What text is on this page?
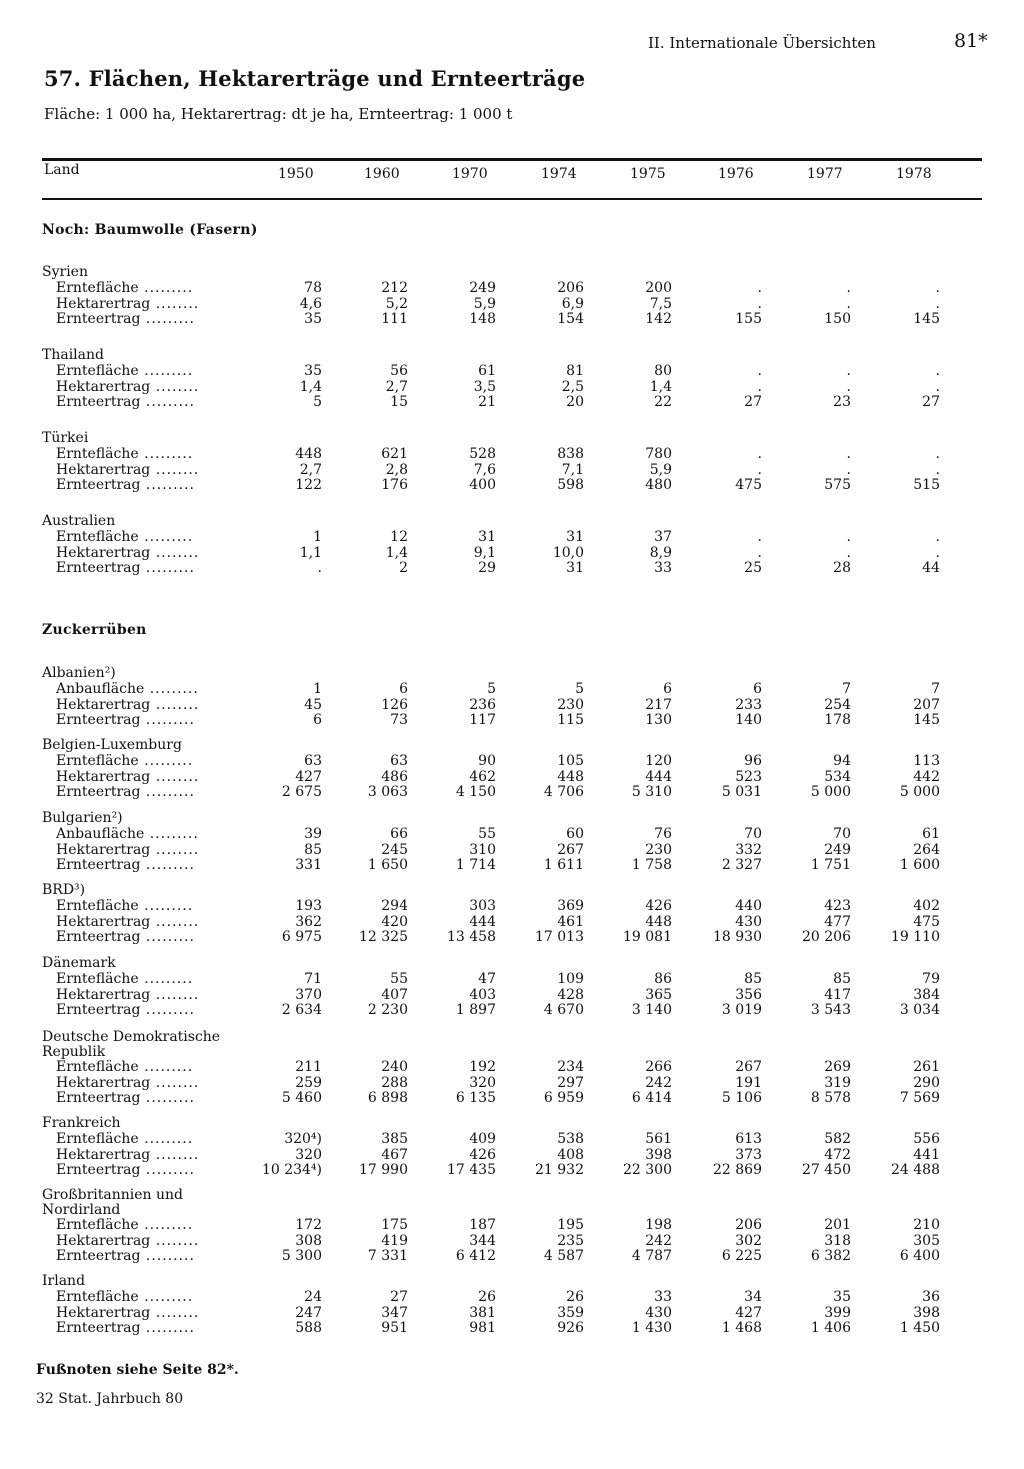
II. Internationale Übersichten	81*
57. Flächen, Hektarerträge und Ernteerträge
Fläche: 1 000 ha, Hektarertrag: dt je ha, Ernteertrag: 1 000 t
Land	1950	1960	1970	1974	1975	1976	1977	1978
Noch: Baumwolle (Fasern)
Syrien
Erntefläche .........	78	212	249	206	200	.	.	.
Hektarertrag ........	4,6	5,2	5,9	6,9	7,5	.	.	.
Ernteertrag .........	35	111	148	154	142	155	150	145
Thailand
Erntefläche .........	35	56	61	81	80	.	.	.
Hektarertrag ........	1,4	2,7	3,5	2,5	1,4	.	.	.
Ernteertrag .........	5	15	21	20	22	27	23	27
Türkei
Erntefläche .........	448	621	528	838	780	.	.	.
Hektarertrag ........	2,7	2,8	7,6	7,1	5,9	.	.	.
Ernteertrag .........	122	176	400	598	480	475	575	515
Australien
Erntefläche .........	1	12	31	31	37	.	.	.
Hektarertrag ........	1,1	1,4	9,1	10,0	8,9	.	.	.
Ernteertrag .........	.	2	29	31	33	25	28	44
Zuckerrüben
Albanien²)
Anbaufläche .........	1	6	5	5	6	6	7	7
Hektarertrag ........	45	126	236	230	217	233	254	207
Ernteertrag .........	6	73	117	115	130	140	178	145
Belgien-Luxemburg
Erntefläche .........	63	63	90	105	120	96	94	113
Hektarertrag ........	427	486	462	448	444	523	534	442
Ernteertrag .........	2 675	3 063	4 150	4 706	5 310	5 031	5 000	5 000
Bulgarien²)
Anbaufläche .........	39	66	55	60	76	70	70	61
Hektarertrag ........	85	245	310	267	230	332	249	264
Ernteertrag .........	331	1 650	1 714	1 611	1 758	2 327	1 751	1 600
BRD³)
Erntefläche .........	193	294	303	369	426	440	423	402
Hektarertrag ........	362	420	444	461	448	430	477	475
Ernteertrag .........	6 975	12 325	13 458	17 013	19 081	18 930	20 206	19 110
Dänemark
Erntefläche .........	71	55	47	109	86	85	85	79
Hektarertrag ........	370	407	403	428	365	356	417	384
Ernteertrag .........	2 634	2 230	1 897	4 670	3 140	3 019	3 543	3 034
Deutsche Demokratische Republik
Erntefläche .........	211	240	192	234	266	267	269	261
Hektarertrag ........	259	288	320	297	242	191	319	290
Ernteertrag .........	5 460	6 898	6 135	6 959	6 414	5 106	8 578	7 569
Frankreich
Erntefläche .........	320⁴)	385	409	538	561	613	582	556
Hektarertrag ........	320	467	426	408	398	373	472	441
Ernteertrag .........	10 234⁴)	17 990	17 435	21 932	22 300	22 869	27 450	24 488
Großbritannien und Nordirland
Erntefläche .........	172	175	187	195	198	206	201	210
Hektarertrag ........	308	419	344	235	242	302	318	305
Ernteertrag .........	5 300	7 331	6 412	4 587	4 787	6 225	6 382	6 400
Irland
Erntefläche .........	24	27	26	26	33	34	35	36
Hektarertrag ........	247	347	381	359	430	427	399	398
Ernteertrag .........	588	951	981	926	1 430	1 468	1 406	1 450
Fußnoten siehe Seite 82*.
32 Stat. Jahrbuch 80
